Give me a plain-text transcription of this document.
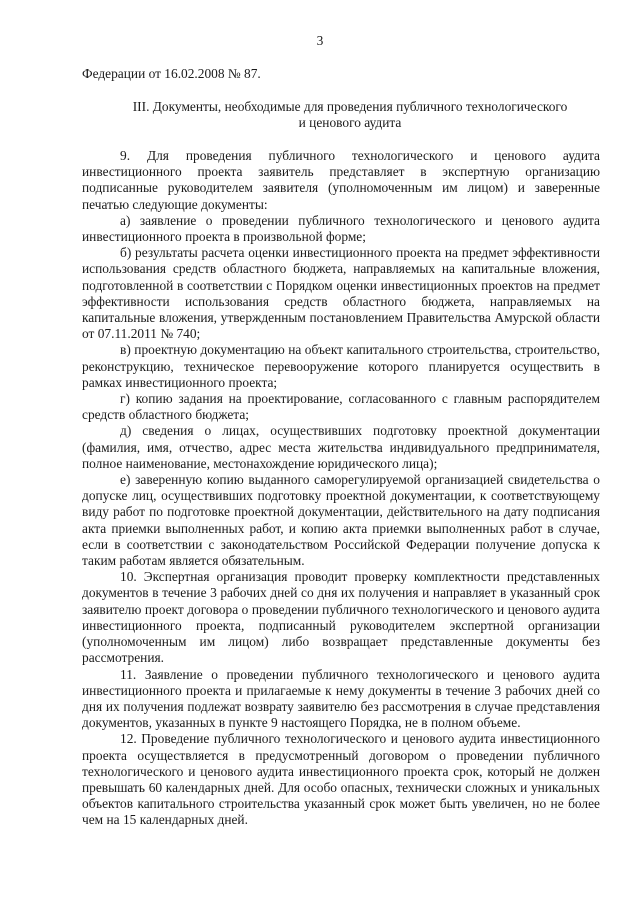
3
Федерации от 16.02.2008 № 87.
III. Документы, необходимые для проведения публичного технологического
и ценового аудита

9. Для проведения публичного технологического и ценового аудита инвестиционного проекта заявитель представляет в экспертную организацию подписанные руководителем заявителя (уполномоченным им лицом) и заверенные печатью следующие документы:

а) заявление о проведении публичного технологического и ценового аудита инвестиционного проекта в произвольной форме;

б) результаты расчета оценки инвестиционного проекта на предмет эффективности использования средств областного бюджета, направляемых на капитальные вложения, подготовленной в соответствии с Порядком оценки инвестиционных проектов на предмет эффективности использования средств областного бюджета, направляемых на капитальные вложения, утвержденным постановлением Правительства Амурской области от 07.11.2011 № 740;

в) проектную документацию на объект капитального строительства, строительство, реконструкцию, техническое перевооружение которого планируется осуществить в рамках инвестиционного проекта;

г) копию задания на проектирование, согласованного с главным распорядителем средств областного бюджета;

д) сведения о лицах, осуществивших подготовку проектной документации (фамилия, имя, отчество, адрес места жительства индивидуального предпринимателя, полное наименование, местонахождение юридического лица);

е) заверенную копию выданного саморегулируемой организацией свидетельства о допуске лиц, осуществивших подготовку проектной документации, к соответствующему виду работ по подготовке проектной документации, действительного на дату подписания акта приемки выполненных работ, и копию акта приемки выполненных работ в случае, если в соответствии с законодательством Российской Федерации получение допуска к таким работам является обязательным.

10. Экспертная организация проводит проверку комплектности представленных документов в течение 3 рабочих дней со дня их получения и направляет в указанный срок заявителю проект договора о проведении публичного технологического и ценового аудита инвестиционного проекта, подписанный руководителем экспертной организации (уполномоченным им лицом) либо возвращает представленные документы без рассмотрения.

11. Заявление о проведении публичного технологического и ценового аудита инвестиционного проекта и прилагаемые к нему документы в течение 3 рабочих дней со дня их получения подлежат возврату заявителю без рассмотрения в случае представления документов, указанных в пункте 9 настоящего Порядка, не в полном объеме.

12. Проведение публичного технологического и ценового аудита инвестиционного проекта осуществляется в предусмотренный договором о проведении публичного технологического и ценового аудита инвестиционного проекта срок, который не должен превышать 60 календарных дней. Для особо опасных, технически сложных и уникальных объектов капитального строительства указанный срок может быть увеличен, но не более чем на 15 календарных дней.
